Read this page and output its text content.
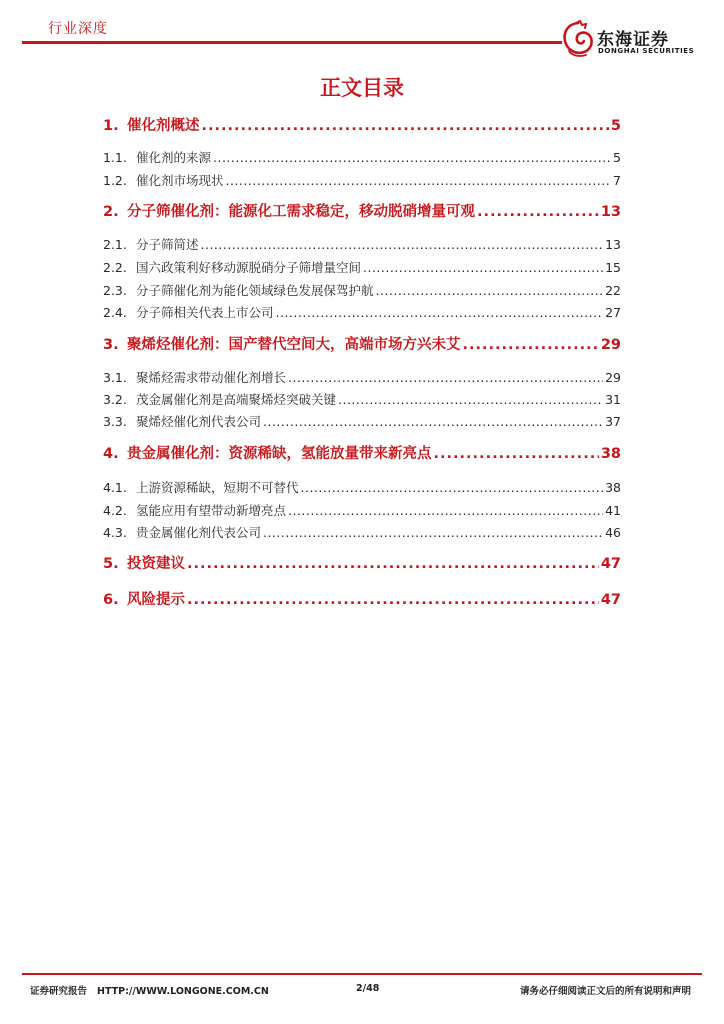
行业深度
东海证券
DONGHAI SECURITIES
正文目录
1. 催化剂概述 .....	5
1.1. 催化剂的来源 .....	5
1.2. 催化剂市场现状 .....	7
2. 分子筛催化剂：能源化工需求稳定，移动脱硝增量可观 .....	13
2.1. 分子筛简述 .....	13
2.2. 国六政策利好移动源脱硝分子筛增量空间 .....	15
2.3. 分子筛催化剂为能化领域绿色发展保驾护航 .....	22
2.4. 分子筛相关代表上市公司 .....	27
3. 聚烯烃催化剂：国产替代空间大，高端市场方兴未艾 .....	29
3.1. 聚烯烃需求带动催化剂增长 .....	29
3.2. 茂金属催化剂是高端聚烯烃突破关键 .....	31
3.3. 聚烯烃催化剂代表公司 .....	37
4. 贵金属催化剂：资源稀缺，氢能放量带来新亮点 .....	38
4.1. 上游资源稀缺，短期不可替代 .....	38
4.2. 氢能应用有望带动新增亮点 .....	41
4.3. 贵金属催化剂代表公司 .....	46
5. 投资建议 .....	47
6. 风险提示 .....	47
证券研究报告 HTTP://WWW.LONGONE.COM.CN	2/48	请务必仔细阅读正文后的所有说明和声明
